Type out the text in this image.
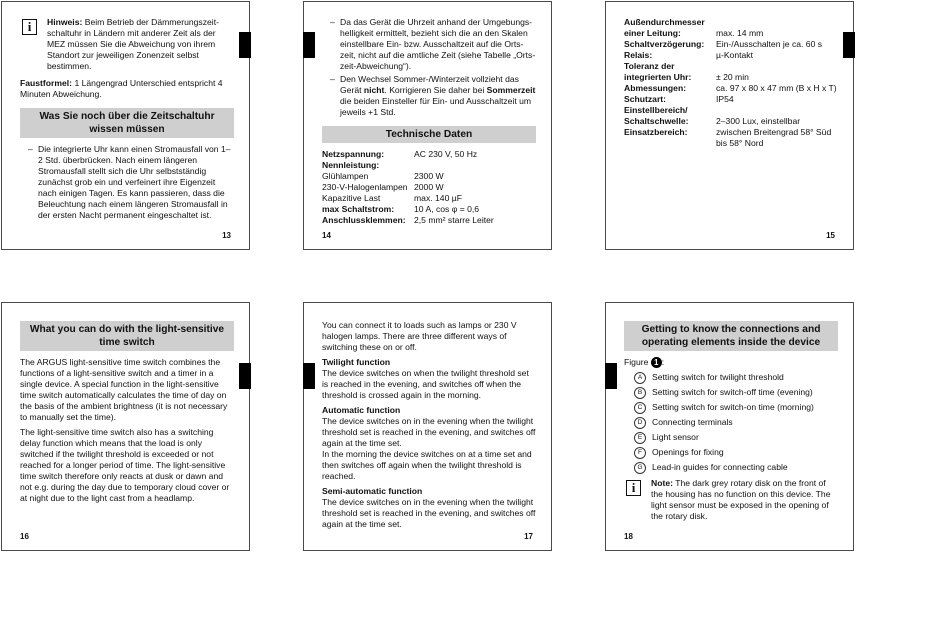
i	Hinweis: Beim Betrieb der Dämmerungszeit-schaltuhr in Ländern mit anderer Zeit als der MEZ müssen Sie die Abweichung von ihrem Standort zur jeweiligen Zonenzeit selbst bestimmen.

Faustformel: 1 Längengrad Unterschied entspricht 4 Minuten Abweichung.

Was Sie noch über die Zeitschaltuhr wissen müssen
– Die integrierte Uhr kann einen Stromausfall von 1–2 Std. überbrücken. Nach einem längeren Stromausfall stellt sich die Uhr selbstständig zunächst grob ein und verfeinert ihre Eigenzeit nach einigen Tagen. Es kann passieren, dass die Beleuchtung nach einem längeren Stromausfall in der ersten Nacht permanent eingeschaltet ist.
13
– Da das Gerät die Uhrzeit anhand der Umgebungs-helligkeit ermittelt, bezieht sich die an den Skalen einstellbare Ein- bzw. Ausschaltzeit auf die Orts-zeit, nicht auf die amtliche Zeit (siehe Tabelle „Orts-zeit-Abweichung“).
– Den Wechsel Sommer-/Winterzeit vollzieht das Gerät nicht. Korrigieren Sie daher bei Sommerzeit die beiden Einsteller für Ein- und Ausschaltzeit um jeweils +1 Std.
Technische Daten
Netzspannung:	AC 230 V, 50 Hz
Nennleistung:	
Glühlampen	2300 W
230-V-Halogenlampen	2000 W
Kapazitive Last	max. 140 µF
max Schaltstrom:	10 A, cos φ = 0,6
Anschlussklemmen:	2,5 mm² starre Leiter
14
Außendurchmesser	
einer Leitung:	max. 14 mm
Schaltverzögerung:	Ein-/Ausschalten je ca. 60 s
Relais:	µ-Kontakt
Toleranz der	
integrierten Uhr:	± 20 min
Abmessungen:	ca. 97 x 80 x 47 mm (B x H x T)
Schutzart:	IP54
Einstellbereich/	
Schaltschwelle:	2–300 Lux, einstellbar
Einsatzbereich:	zwischen Breitengrad 58° Süd bis 58° Nord
15
What you can do with the light-sensitive time switch

The ARGUS light-sensitive time switch combines the functions of a light-sensitive switch and a timer in a single device. A special function in the light-sensitive time switch automatically calculates the time of day on the basis of the ambient brightness (it is not necessary to manually set the time).

The light-sensitive time switch also has a switching delay function which means that the load is only switched if the twilight threshold is exceeded or not reached for a longer period of time. The light-sensitive time switch therefore only reacts at dusk or dawn and not e.g. during the day due to temporary cloud cover or at night due to the light cast from a headlamp.

16

You can connect it to loads such as lamps or 230 V halogen lamps. There are three different ways of switching these on or off.

Twilight function

The device switches on when the twilight threshold set is reached in the evening, and switches off when the threshold is crossed again in the morning.

Automatic function

The device switches on in the evening when the twilight threshold set is reached in the evening, and switches off again at the time set.

In the morning the device switches on at a time set and then switches off again when the twilight threshold is reached.

Semi-automatic function

The device switches on in the evening when the twilight threshold set is reached in the evening, and switches off again at the time set.

17
Getting to know the connections and operating elements inside the device
Figure 1 :
A	Setting switch for twilight threshold
B	Setting switch for switch-off time (evening)
C	Setting switch for switch-on time (morning)
D	Connecting terminals
E	Light sensor
F	Openings for fixing
G	Lead-in guides for connecting cable
i	Note: The dark grey rotary disk on the front of the housing has no function on this device. The light sensor must be exposed in the opening of the rotary disk.

18
